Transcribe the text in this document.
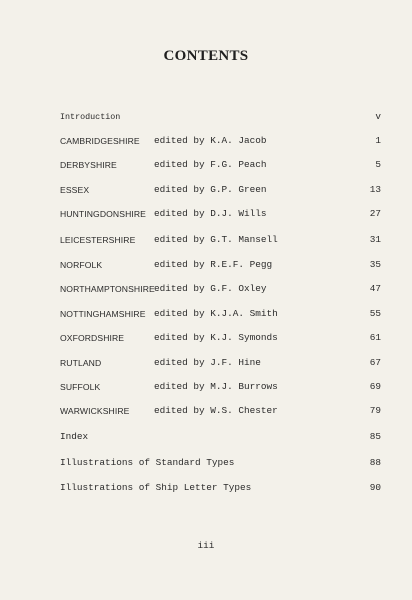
CONTENTS
Introduction	v
CAMBRIDGESHIRE edited by K.A. Jacob	1
DERBYSHIRE	edited by F.G. Peach	5
ESSEX	edited by G.P. Green	13
HUNTINGDONSHIRE edited by D.J. Wills	27
LEICESTERSHIRE edited by G.T. Mansell	31
NORFOLK	edited by R.E.F. Pegg	35
NORTHAMPTONSHIRE edited by G.F. Oxley	47
NOTTINGHAMSHIRE edited by K.J.A. Smith	55
OXFORDSHIRE	edited by K.J. Symonds	61
RUTLAND	edited by J.F. Hine	67
SUFFOLK	edited by M.J. Burrows	69
WARWICKSHIRE	edited by W.S. Chester	79
Index	85
Illustrations of Standard Types	88
Illustrations of Ship Letter Types	90
iii
